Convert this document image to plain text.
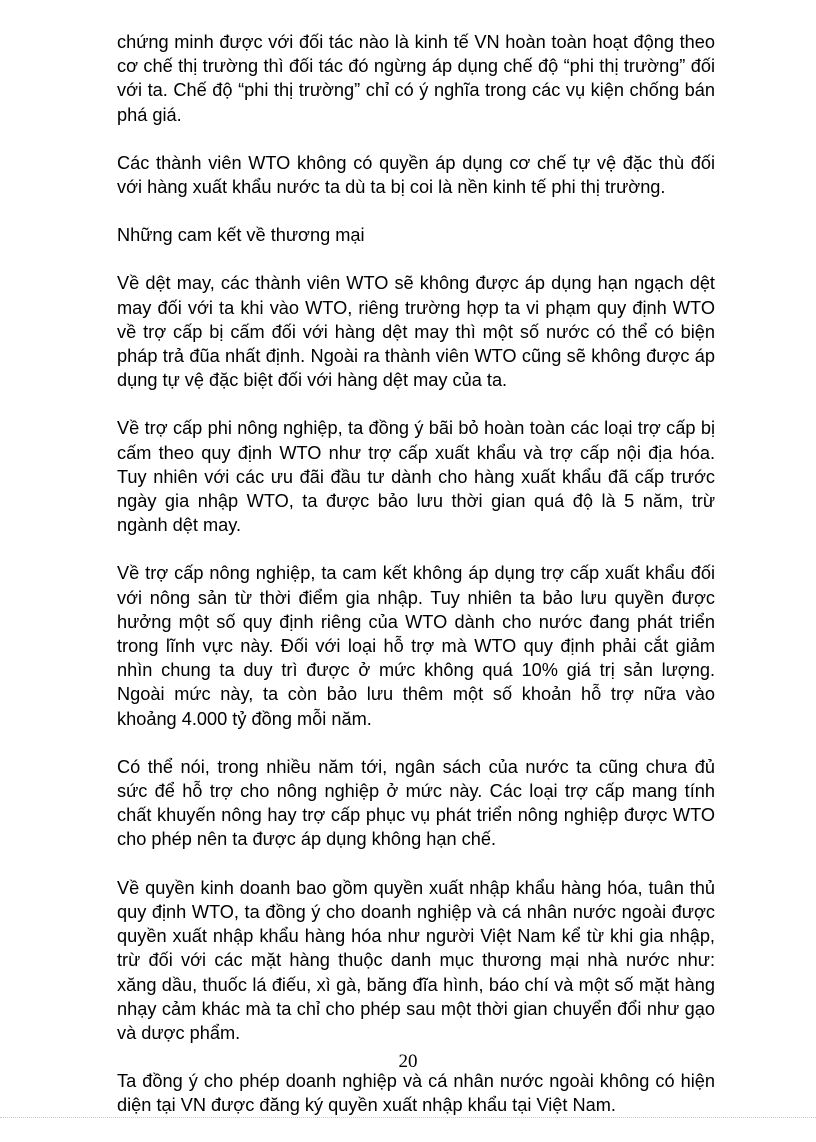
chứng minh được với đối tác nào là kinh tế VN hoàn toàn hoạt động theo cơ chế thị trường thì đối tác đó ngừng áp dụng chế độ “phi thị trường” đối với ta. Chế độ “phi thị trường” chỉ có ý nghĩa trong các vụ kiện chống bán phá giá.

Các thành viên WTO không có quyền áp dụng cơ chế tự vệ đặc thù đối với hàng xuất khẩu nước ta dù ta bị coi là nền kinh tế phi thị trường.

Những cam kết về thương mại

Về dệt may, các thành viên WTO sẽ không được áp dụng hạn ngạch dệt may đối với ta khi vào WTO, riêng trường hợp ta vi phạm quy định WTO về trợ cấp bị cấm đối với hàng dệt may thì một số nước có thể có biện pháp trả đũa nhất định. Ngoài ra thành viên WTO cũng sẽ không được áp dụng tự vệ đặc biệt đối với hàng dệt may của ta.

Về trợ cấp phi nông nghiệp, ta đồng ý bãi bỏ hoàn toàn các loại trợ cấp bị cấm theo quy định WTO như trợ cấp xuất khẩu và trợ cấp nội địa hóa. Tuy nhiên với các ưu đãi đầu tư dành cho hàng xuất khẩu đã cấp trước ngày gia nhập WTO, ta được bảo lưu thời gian quá độ là 5 năm, trừ ngành dệt may.

Về trợ cấp nông nghiệp, ta cam kết không áp dụng trợ cấp xuất khẩu đối với nông sản từ thời điểm gia nhập. Tuy nhiên ta bảo lưu quyền được hưởng một số quy định riêng của WTO dành cho nước đang phát triển trong lĩnh vực này. Đối với loại hỗ trợ mà WTO quy định phải cắt giảm nhìn chung ta duy trì được ở mức không quá 10% giá trị sản lượng. Ngoài mức này, ta còn bảo lưu thêm một số khoản hỗ trợ nữa vào khoảng 4.000 tỷ đồng mỗi năm.

Có thể nói, trong nhiều năm tới, ngân sách của nước ta cũng chưa đủ sức để hỗ trợ cho nông nghiệp ở mức này. Các loại trợ cấp mang tính chất khuyến nông hay trợ cấp phục vụ phát triển nông nghiệp được WTO cho phép nên ta được áp dụng không hạn chế.

Về quyền kinh doanh bao gồm quyền xuất nhập khẩu hàng hóa, tuân thủ quy định WTO, ta đồng ý cho doanh nghiệp và cá nhân nước ngoài được quyền xuất nhập khẩu hàng hóa như người Việt Nam kể từ khi gia nhập, trừ đối với các mặt hàng thuộc danh mục thương mại nhà nước như: xăng dầu, thuốc lá điếu, xì gà, băng đĩa hình, báo chí và một số mặt hàng nhạy cảm khác mà ta chỉ cho phép sau một thời gian chuyển đổi như gạo và dược phẩm.

Ta đồng ý cho phép doanh nghiệp và cá nhân nước ngoài không có hiện diện tại VN được đăng ký quyền xuất nhập khẩu tại Việt Nam.

20
